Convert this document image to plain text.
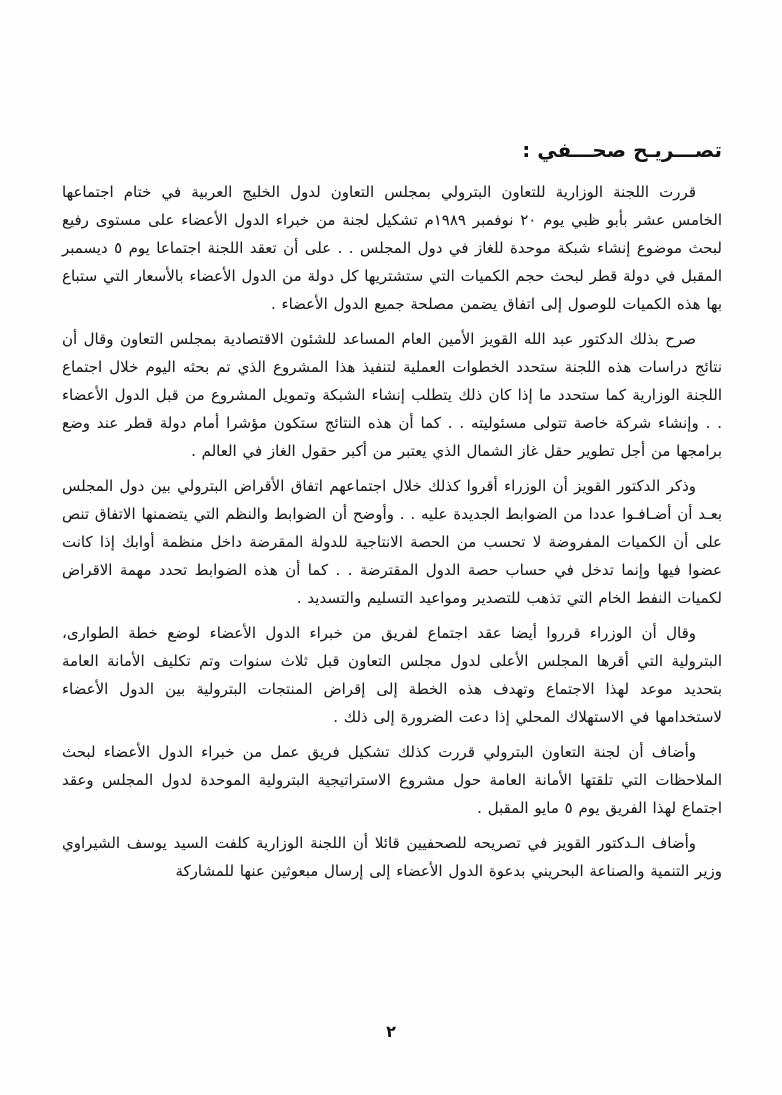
تصـــريـح صحـــفي :

قررت اللجنة الوزارية للتعاون البترولي بمجلس التعاون لدول الخليج العربية في ختام اجتماعها الخامس عشر بأبو ظبي يوم ٢٠ نوفمبر ١٩٨٩م تشكيل لجنة من خبراء الدول الأعضاء على مستوى رفيع لبحث موضوع إنشاء شبكة موحدة للغاز في دول المجلس . . على أن تعقد اللجنة اجتماعا يوم ٥ ديسمبر المقبل في دولة قطر لبحث حجم الكميات التي ستشتريها كل دولة من الدول الأعضاء بالأسعار التي ستباع بها هذه الكميات للوصول إلى اتفاق يضمن مصلحة جميع الدول الأعضاء .

صرح بذلك الدكتور عبد الله القويز الأمين العام المساعد للشئون الاقتصادية بمجلس التعاون وقال أن نتائج دراسات هذه اللجنة ستحدد الخطوات العملية لتنفيذ هذا المشروع الذي تم بحثه اليوم خلال اجتماع اللجنة الوزارية كما ستحدد ما إذا كان ذلك يتطلب إنشاء الشبكة وتمويل المشروع من قبل الدول الأعضاء . . وإنشاء شركة خاصة تتولى مسئوليته . . كما أن هذه النتائج ستكون مؤشرا أمام دولة قطر عند وضع برامجها من أجل تطوير حقل غاز الشمال الذي يعتبر من أكبر حقول الغاز في العالم .

وذكر الدكتور القويز أن الوزراء أقروا كذلك خلال اجتماعهم اتفاق الأقراض البترولي بين دول المجلس بعـد أن أضـافـوا عددا من الضوابط الجديدة عليه . . وأوضح أن الضوابط والنظم التي يتضمنها الاتفاق تنص على أن الكميات المفروضة لا تحسب من الحصة الانتاجية للدولة المقرضة داخل منظمة أوابك إذا كانت عضوا فيها وإنما تدخل في حساب حصة الدول المقترضة . . كما أن هذه الضوابط تحدد مهمة الاقراض لكميات النفط الخام التي تذهب للتصدير ومواعيد التسليم والتسديد .

وقال أن الوزراء قرروا أيضا عقد اجتماع لفريق من خبراء الدول الأعضاء لوضع خطة الطوارى، البترولية التي أقرها المجلس الأعلى لدول مجلس التعاون قبل ثلاث سنوات وتم تكليف الأمانة العامة بتحديد موعد لهذا الاجتماع وتهدف هذه الخطة إلى إقراض المنتجات البترولية بين الدول الأعضاء لاستخدامها في الاستهلاك المحلي إذا دعت الضرورة إلى ذلك .

وأضاف أن لجنة التعاون البترولي قررت كذلك تشكيل فريق عمل من خبراء الدول الأعضاء لبحث الملاحظات التي تلقتها الأمانة العامة حول مشروع الاستراتيجية البترولية الموحدة لدول المجلس وعقد اجتماع لهذا الفريق يوم ٥ مايو المقبل .

وأضاف الـدكتور القويز في تصريحه للصحفيين قائلا أن اللجنة الوزارية كلفت السيد يوسف الشيراوي وزير التنمية والصناعة البحريني بدعوة الدول الأعضاء إلى إرسال مبعوثين عنها للمشاركة

٢
